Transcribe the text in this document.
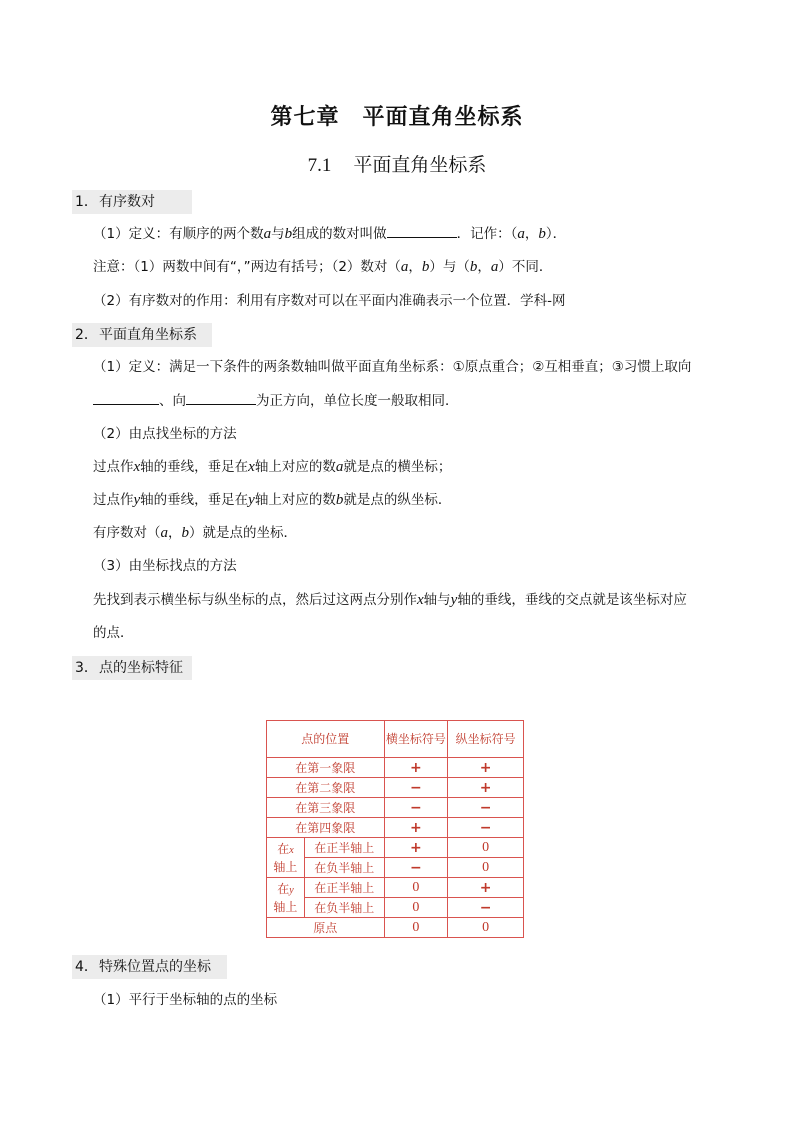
第七章　平面直角坐标系
7.1 平面直角坐标系
1．有序数对
（1）定义：有顺序的两个数a与b组成的数对叫做	．记作：（a，b）．
注意：（1）两数中间有“，”两边有括号；（2）数对（a，b）与（b，a）不同．
（2）有序数对的作用：利用有序数对可以在平面内准确表示一个位置．学科-网
2．平面直角坐标系
（1）定义：满足一下条件的两条数轴叫做平面直角坐标系：①原点重合；②互相垂直；③习惯上取向
、向	为正方向，单位长度一般取相同．
（2）由点找坐标的方法
过点作x轴的垂线，垂足在x轴上对应的数a就是点的横坐标；
过点作y轴的垂线，垂足在y轴上对应的数b就是点的纵坐标．
有序数对（a，b）就是点的坐标．
（3）由坐标找点的方法
先找到表示横坐标与纵坐标的点，然后过这两点分别作x轴与y轴的垂线，垂线的交点就是该坐标对应
的点．
3．点的坐标特征
点的位置		横坐标符号	纵坐标符号
在第一象限		+	+
在第二象限		−	+
在第三象限		−	−
在第四象限		+	−
在x
轴上	在正半轴上	+	0
	在负半轴上	−	0
在y
轴上	在正半轴上	0	+
	在负半轴上	0	−
原点		0	0
4．特殊位置点的坐标
（1）平行于坐标轴的点的坐标
